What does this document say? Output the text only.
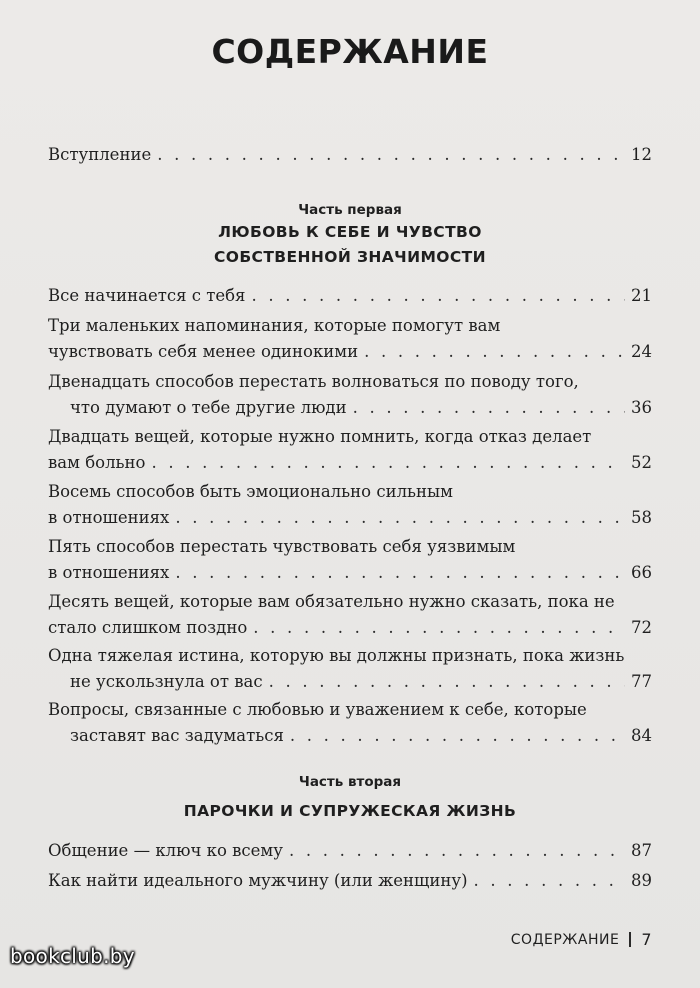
СОДЕРЖАНИЕ
Вступление . . .	12
Часть первая
ЛЮБОВЬ К СЕБЕ И ЧУВСТВО
СОБСТВЕННОЙ ЗНАЧИМОСТИ
Все начинается с тебя . . .	21
Три маленьких напоминания, которые помогут вам
чувствовать себя менее одинокими . . .	24
Двенадцать способов перестать волноваться по поводу того,
что думают о тебе другие люди . . .	36
Двадцать вещей, которые нужно помнить, когда отказ делает
вам больно . . .	52
Восемь способов быть эмоционально сильным
в отношениях . . .	58
Пять способов перестать чувствовать себя уязвимым
в отношениях . . .	66
Десять вещей, которые вам обязательно нужно сказать, пока не
стало слишком поздно . . .	72
Одна тяжелая истина, которую вы должны признать, пока жизнь
не ускользнула от вас . . .	77
Вопросы, связанные с любовью и уважением к себе, которые
заставят вас задуматься . . .	84
Часть вторая
ПАРОЧКИ И СУПРУЖЕСКАЯ ЖИЗНЬ
Общение — ключ ко всему . . .	87
Как найти идеального мужчину (или женщину) . . .	89
СОДЕРЖАНИЕ 7
bookclub.by
